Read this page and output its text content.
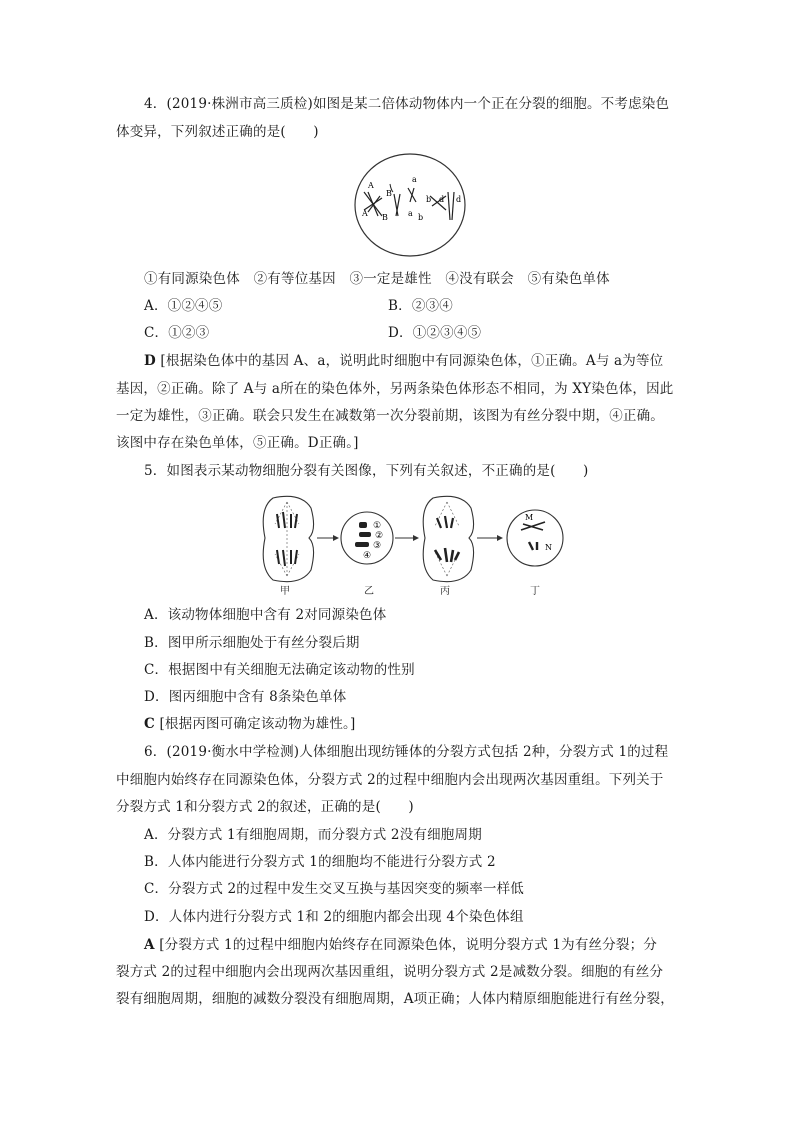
4．(2019·株洲市高三质检)如图是某二倍体动物体内一个正在分裂的细胞。不考虑染色
体变异，下列叙述正确的是(　　)
A
B
a
b d d
A B	a b
①有同源染色体　②有等位基因　③一定是雄性　④没有联会　⑤有染色单体
A．①②④⑤	B．②③④
C．①②③	D．①②③④⑤
D [根据染色体中的基因 A、a，说明此时细胞中有同源染色体，①正确。A与 a为等位
基因，②正确。除了 A与 a所在的染色体外，另两条染色体形态不相同，为 XY染色体，因此
一定为雄性，③正确。联会只发生在减数第一次分裂前期，该图为有丝分裂中期，④正确。
该图中存在染色单体，⑤正确。D正确。]
5．如图表示某动物细胞分裂有关图像，下列有关叙述，不正确的是(　　)
①
②
③
④
M
N
甲	乙	丙	丁
A．该动物体细胞中含有 2对同源染色体
B．图甲所示细胞处于有丝分裂后期
C．根据图中有关细胞无法确定该动物的性别
D．图丙细胞中含有 8条染色单体
C [根据丙图可确定该动物为雄性。]
6．(2019·衡水中学检测)人体细胞出现纺锤体的分裂方式包括 2种，分裂方式 1的过程
中细胞内始终存在同源染色体，分裂方式 2的过程中细胞内会出现两次基因重组。下列关于
分裂方式 1和分裂方式 2的叙述，正确的是(　　)
A．分裂方式 1有细胞周期，而分裂方式 2没有细胞周期
B．人体内能进行分裂方式 1的细胞均不能进行分裂方式 2
C．分裂方式 2的过程中发生交叉互换与基因突变的频率一样低
D．人体内进行分裂方式 1和 2的细胞内都会出现 4个染色体组
A [分裂方式 1的过程中细胞内始终存在同源染色体，说明分裂方式 1为有丝分裂；分
裂方式 2的过程中细胞内会出现两次基因重组，说明分裂方式 2是减数分裂。细胞的有丝分
裂有细胞周期，细胞的减数分裂没有细胞周期，A项正确；人体内精原细胞能进行有丝分裂，
